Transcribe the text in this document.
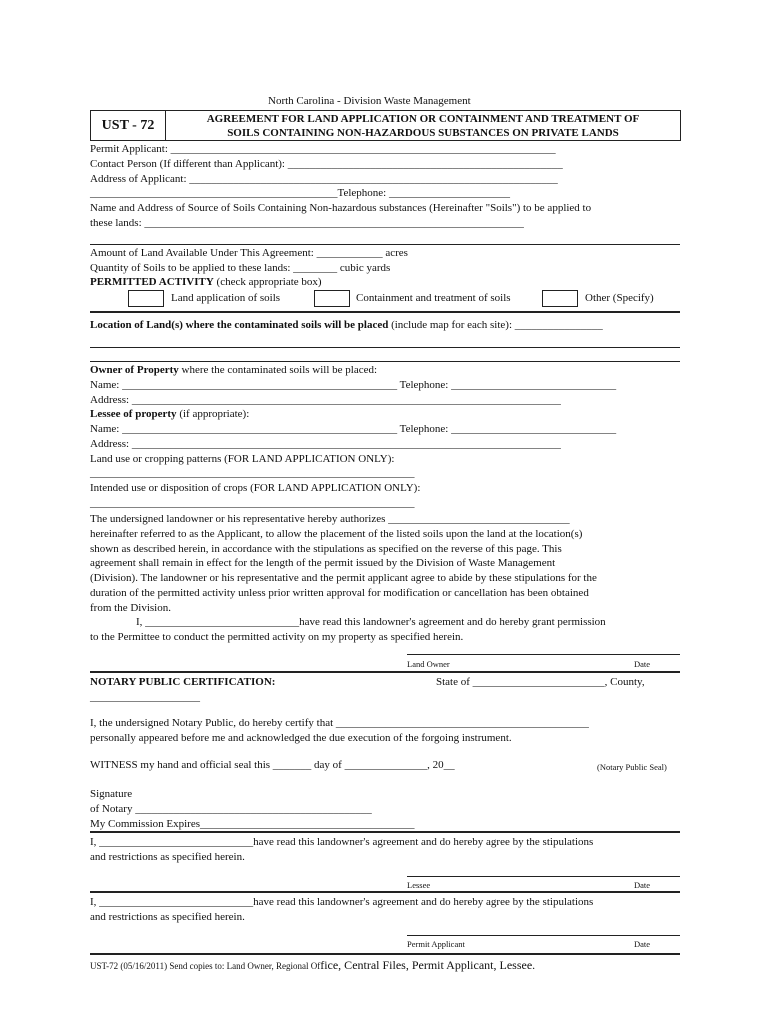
North Carolina - Division Waste Management
UST - 72	AGREEMENT FOR LAND APPLICATION OR CONTAINMENT AND TREATMENT OF
SOILS CONTAINING NON-HAZARDOUS SUBSTANCES ON PRIVATE LANDS
Permit Applicant: ______________________________________________________________________
Contact Person (If different than Applicant): __________________________________________________
Address of Applicant: ___________________________________________________________________
_____________________________________________Telephone: ______________________
Name and Address of Source of Soils Containing Non-hazardous substances (Hereinafter "Soils") to be applied to
these lands: _____________________________________________________________________
Amount of Land Available Under This Agreement: ____________ acres
Quantity of Soils to be applied to these lands: ________ cubic yards
PERMITTED ACTIVITY (check appropriate box)
Land application of soils	Containment and treatment of soils	Other (Specify)
Location of Land(s) where the contaminated soils will be placed (include map for each site): ________________
Owner of Property where the contaminated soils will be placed:
Name: __________________________________________________ Telephone: ______________________________
Address: ______________________________________________________________________________
Lessee of property (if appropriate):
Name: __________________________________________________ Telephone: ______________________________
Address: ______________________________________________________________________________
Land use or cropping patterns (FOR LAND APPLICATION ONLY):
___________________________________________________________
Intended use or disposition of crops (FOR LAND APPLICATION ONLY):
___________________________________________________________
The undersigned landowner or his representative hereby authorizes _________________________________
hereinafter referred to as the Applicant, to allow the placement of the listed soils upon the land at the location(s)
shown as described herein, in accordance with the stipulations as specified on the reverse of this page. This
agreement shall remain in effect for the length of the permit issued by the Division of Waste Management
(Division). The landowner or his representative and the permit applicant agree to abide by these stipulations for the
duration of the permitted activity unless prior written approval for modification or cancellation has been obtained
from the Division.
I, ____________________________have read this landowner's agreement and do hereby grant permission
to the Permittee to conduct the permitted activity on my property as specified herein.
Land Owner	Date
NOTARY PUBLIC CERTIFICATION:	State of ________________________, County,
____________________
I, the undersigned Notary Public, do hereby certify that ______________________________________________
personally appeared before me and acknowledged the due execution of the forgoing instrument.
WITNESS my hand and official seal this _______ day of _______________, 20__	(Notary Public Seal)
Signature
of Notary ___________________________________________
My Commission Expires_______________________________________
I, ____________________________have read this landowner's agreement and do hereby agree by the stipulations
and restrictions as specified herein.
Lessee	Date
I, ____________________________have read this landowner's agreement and do hereby agree by the stipulations
and restrictions as specified herein.
Permit Applicant	Date
UST-72 (05/16/2011) Send copies to: Land Owner, Regional Office, Central Files, Permit Applicant, Lessee.
